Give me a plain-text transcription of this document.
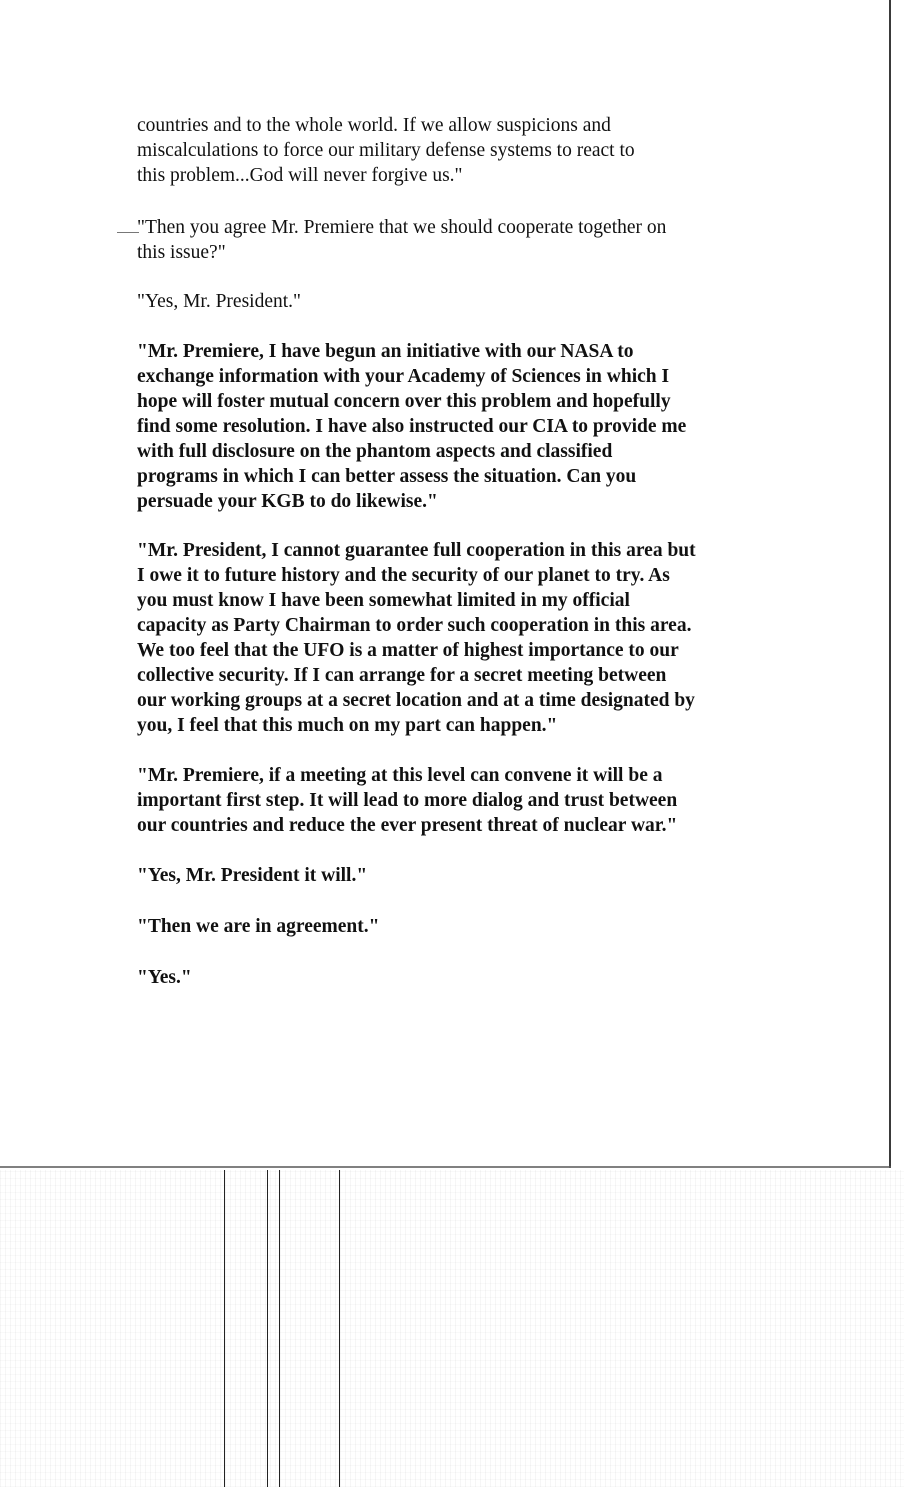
countries and to the whole world. If we allow suspicions and
miscalculations to force our military defense systems to react to
this problem...God will never forgive us."

"Then you agree Mr. Premiere that we should cooperate together on
this issue?"

"Yes, Mr. President."

"Mr. Premiere, I have begun an initiative with our NASA to
exchange information with your Academy of Sciences in which I
hope will foster mutual concern over this problem and hopefully
find some resolution. I have also instructed our CIA to provide me
with full disclosure on the phantom aspects and classified
programs in which I can better assess the situation. Can you
persuade your KGB to do likewise."

"Mr. President, I cannot guarantee full cooperation in this area but
I owe it to future history and the security of our planet to try. As
you must know I have been somewhat limited in my official
capacity as Party Chairman to order such cooperation in this area.
We too feel that the UFO is a matter of highest importance to our
collective security. If I can arrange for a secret meeting between
our working groups at a secret location and at a time designated by
you, I feel that this much on my part can happen."

"Mr. Premiere, if a meeting at this level can convene it will be a
important first step. It will lead to more dialog and trust between
our countries and reduce the ever present threat of nuclear war."

"Yes, Mr. President it will."

"Then we are in agreement."

"Yes."
